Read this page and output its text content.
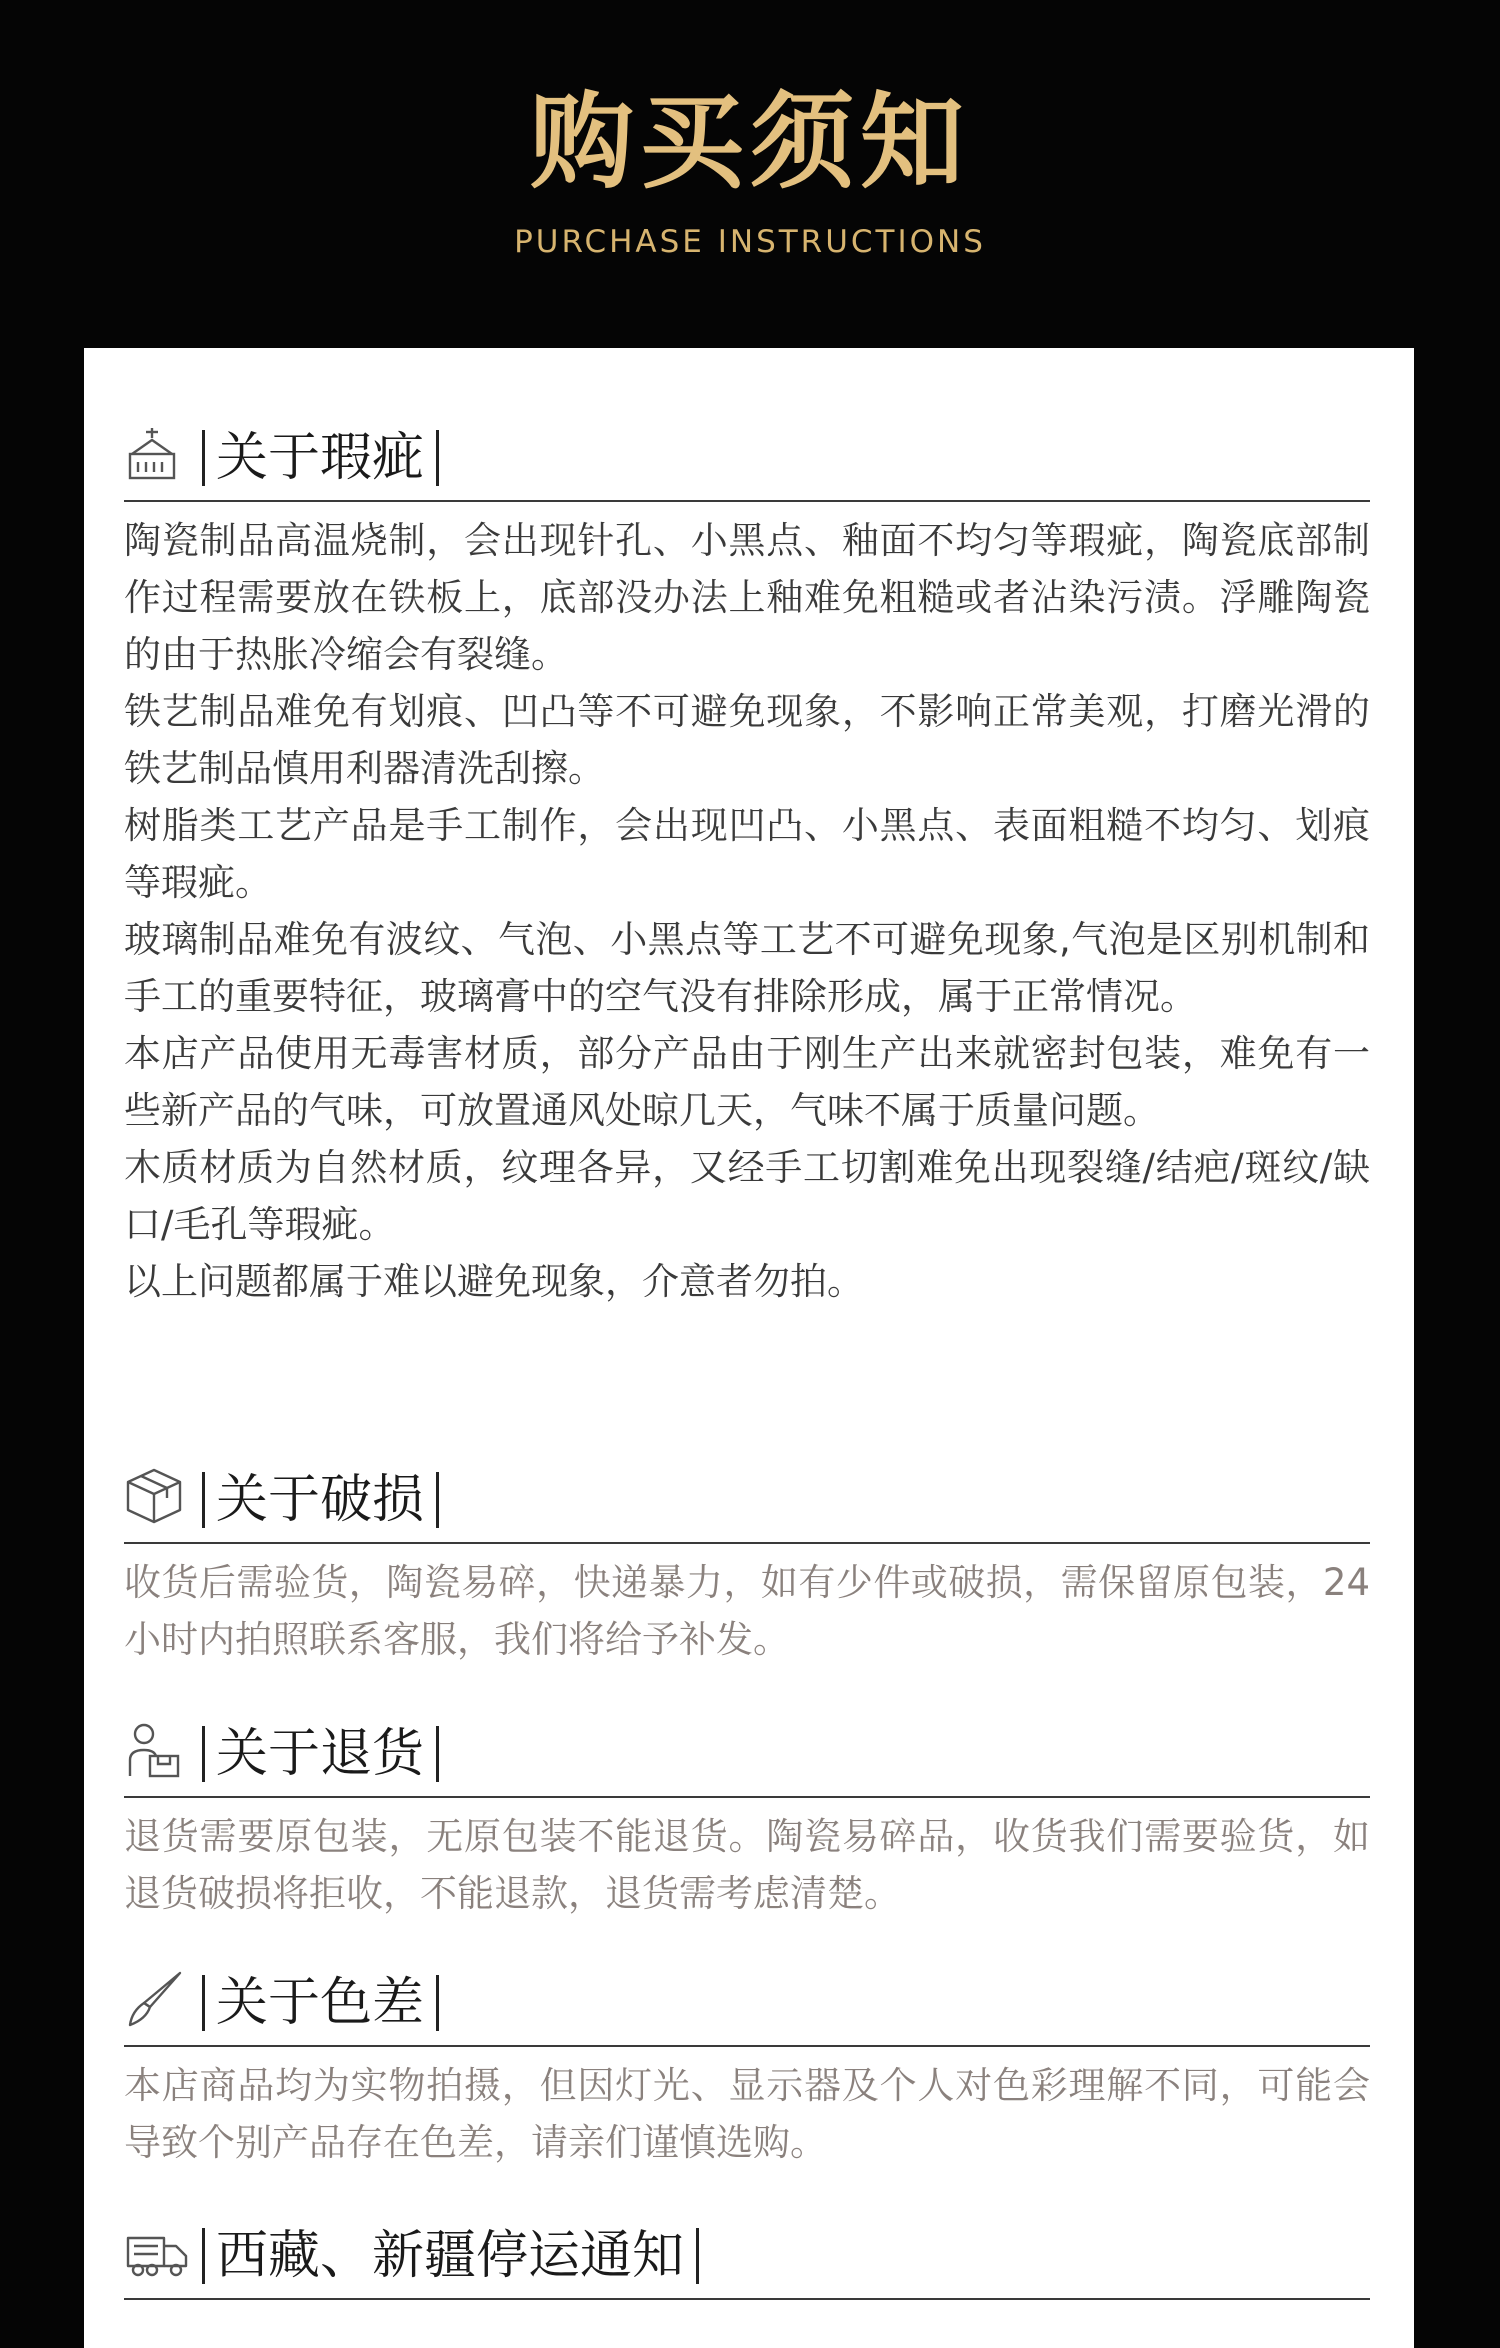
购买须知
PURCHASE INSTRUCTIONS
关于瑕疵

陶瓷制品高温烧制，会出现针孔、小黑点、釉面不均匀等瑕疵，陶瓷底部制作过程需要放在铁板上，底部没办法上釉难免粗糙或者沾染污渍。浮雕陶瓷的由于热胀冷缩会有裂缝。

铁艺制品难免有划痕、凹凸等不可避免现象，不影响正常美观，打磨光滑的铁艺制品慎用利器清洗刮擦。

树脂类工艺产品是手工制作，会出现凹凸、小黑点、表面粗糙不均匀、划痕等瑕疵。

玻璃制品难免有波纹、气泡、小黑点等工艺不可避免现象,气泡是区别机制和手工的重要特征，玻璃膏中的空气没有排除形成，属于正常情况。

本店产品使用无毒害材质，部分产品由于刚生产出来就密封包装，难免有一些新产品的气味，可放置通风处晾几天，气味不属于质量问题。

木质材质为自然材质，纹理各异，又经手工切割难免出现裂缝/结疤/斑纹/缺口/毛孔等瑕疵。

以上问题都属于难以避免现象，介意者勿拍。

关于破损

收货后需验货，陶瓷易碎，快递暴力，如有少件或破损，需保留原包装，24小时内拍照联系客服，我们将给予补发。

关于退货

退货需要原包装，无原包装不能退货。陶瓷易碎品，收货我们需要验货，如退货破损将拒收，不能退款，退货需考虑清楚。

关于色差

本店商品均为实物拍摄，但因灯光、显示器及个人对色彩理解不同，可能会导致个别产品存在色差，请亲们谨慎选购。

西藏、新疆停运通知
